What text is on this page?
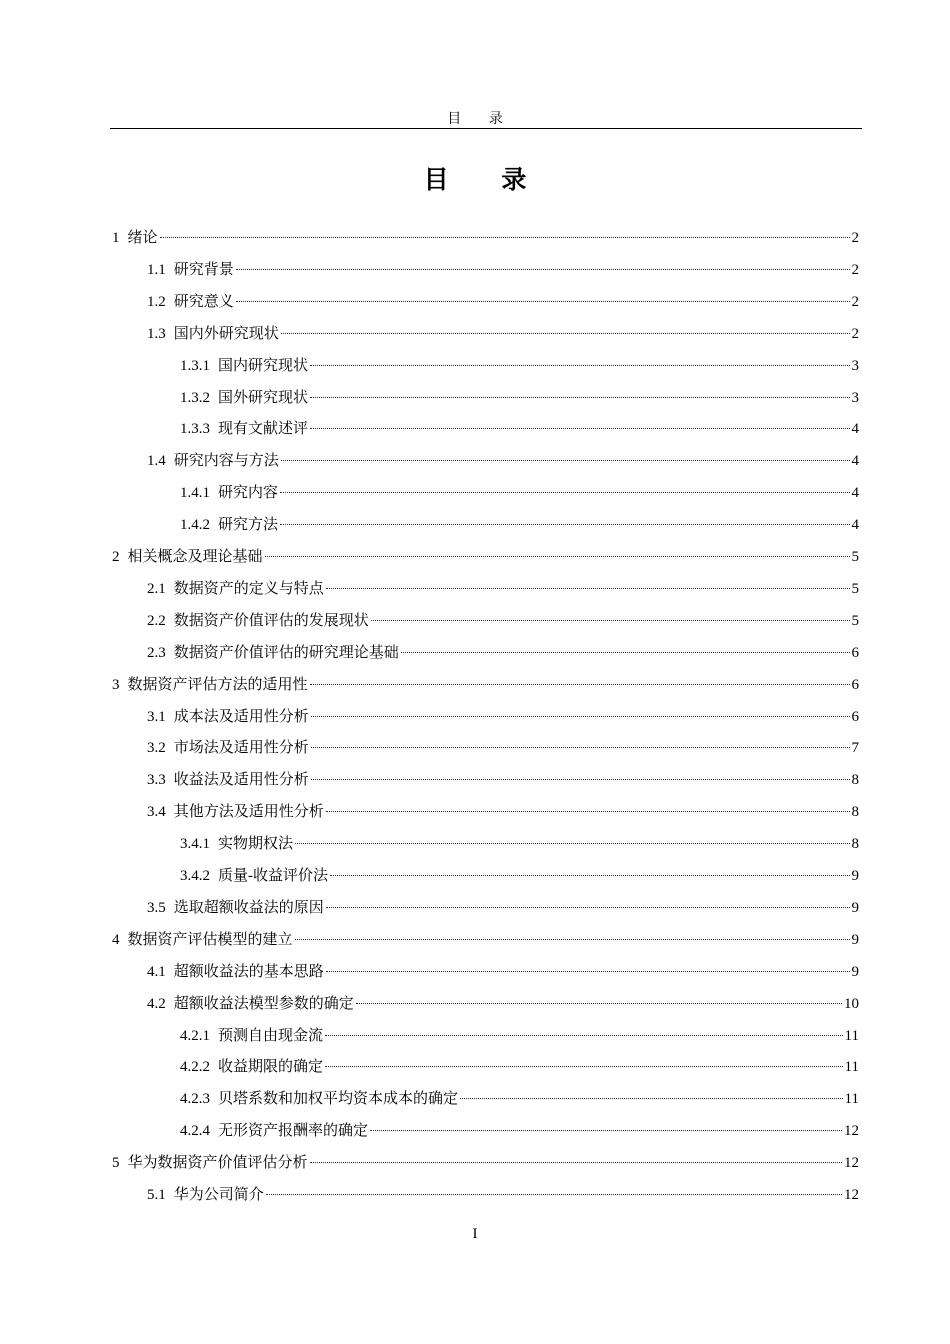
目 录
目 录
1 绪论	2
1.1 研究背景	2
1.2 研究意义	2
1.3 国内外研究现状	2
1.3.1 国内研究现状	3
1.3.2 国外研究现状	3
1.3.3 现有文献述评	4
1.4 研究内容与方法	4
1.4.1 研究内容	4
1.4.2 研究方法	4
2 相关概念及理论基础	5
2.1 数据资产的定义与特点	5
2.2 数据资产价值评估的发展现状	5
2.3 数据资产价值评估的研究理论基础	6
3 数据资产评估方法的适用性	6
3.1 成本法及适用性分析	6
3.2 市场法及适用性分析	7
3.3 收益法及适用性分析	8
3.4 其他方法及适用性分析	8
3.4.1 实物期权法	8
3.4.2 质量-收益评价法	9
3.5 选取超额收益法的原因	9
4 数据资产评估模型的建立	9
4.1 超额收益法的基本思路	9
4.2 超额收益法模型参数的确定	10
4.2.1 预测自由现金流	11
4.2.2 收益期限的确定	11
4.2.3 贝塔系数和加权平均资本成本的确定	11
4.2.4 无形资产报酬率的确定	12
5 华为数据资产价值评估分析	12
5.1 华为公司简介	12
I
